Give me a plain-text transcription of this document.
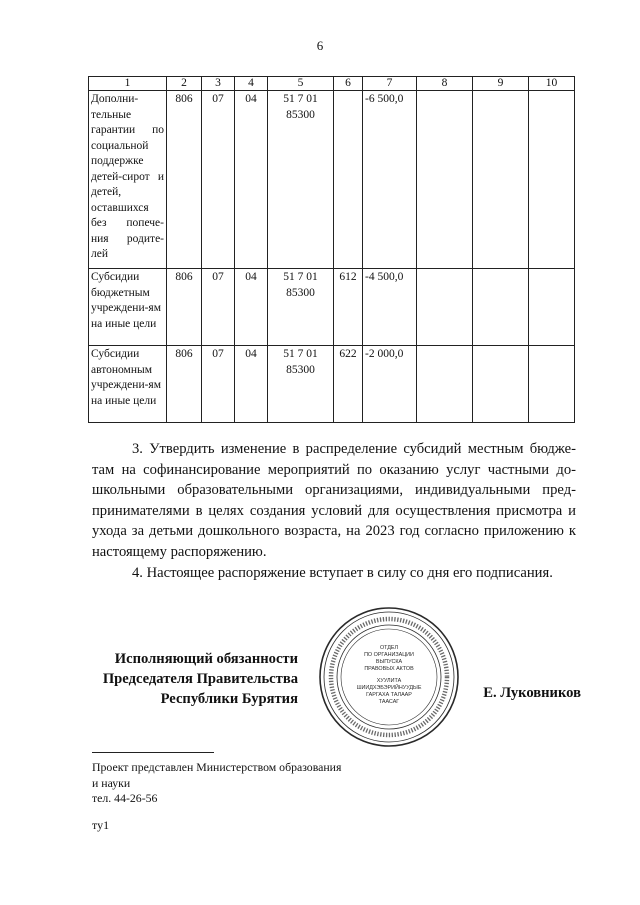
6
1	2	3	4	5	6	7	8	9	10
Дополни-тельные гарантии по социальной поддержке детей-сирот и детей, оставшихся без попече-ния родите-лей	806	07	04	51 7 01 85300		-6 500,0			
Субсидии бюджетным учреждени-ям на иные цели	806	07	04	51 7 01 85300	612	-4 500,0			
Субсидии автономным учреждени-ям на иные цели	806	07	04	51 7 01 85300	622	-2 000,0			

3. Утвердить изменение в распределение субсидий местным бюдже-там на софинансирование мероприятий по оказанию услуг частными до-школьными образовательными организациями, индивидуальными пред-принимателями в целях создания условий для осуществления присмотра и ухода за детьми дошкольного возраста, на 2023 год согласно приложению к настоящему распоряжению.

4. Настоящее распоряжение вступает в силу со дня его подписания.

Исполняющий обязанности
Председателя Правительства
Республики Бурятия
ОТДЕЛ
ПО ОРГАНИЗАЦИИ
ВЫПУСКА
ПРАВОВЫХ АКТОВ
ХУУЛИТА
ШИИДХЭБЭРИЙНУУДЫЕ
ГАРГАХА ТАЛААР
ТААСАГ
Е. Луковников
Проект представлен Министерством образования
и науки
тел. 44-26-56
ту1
